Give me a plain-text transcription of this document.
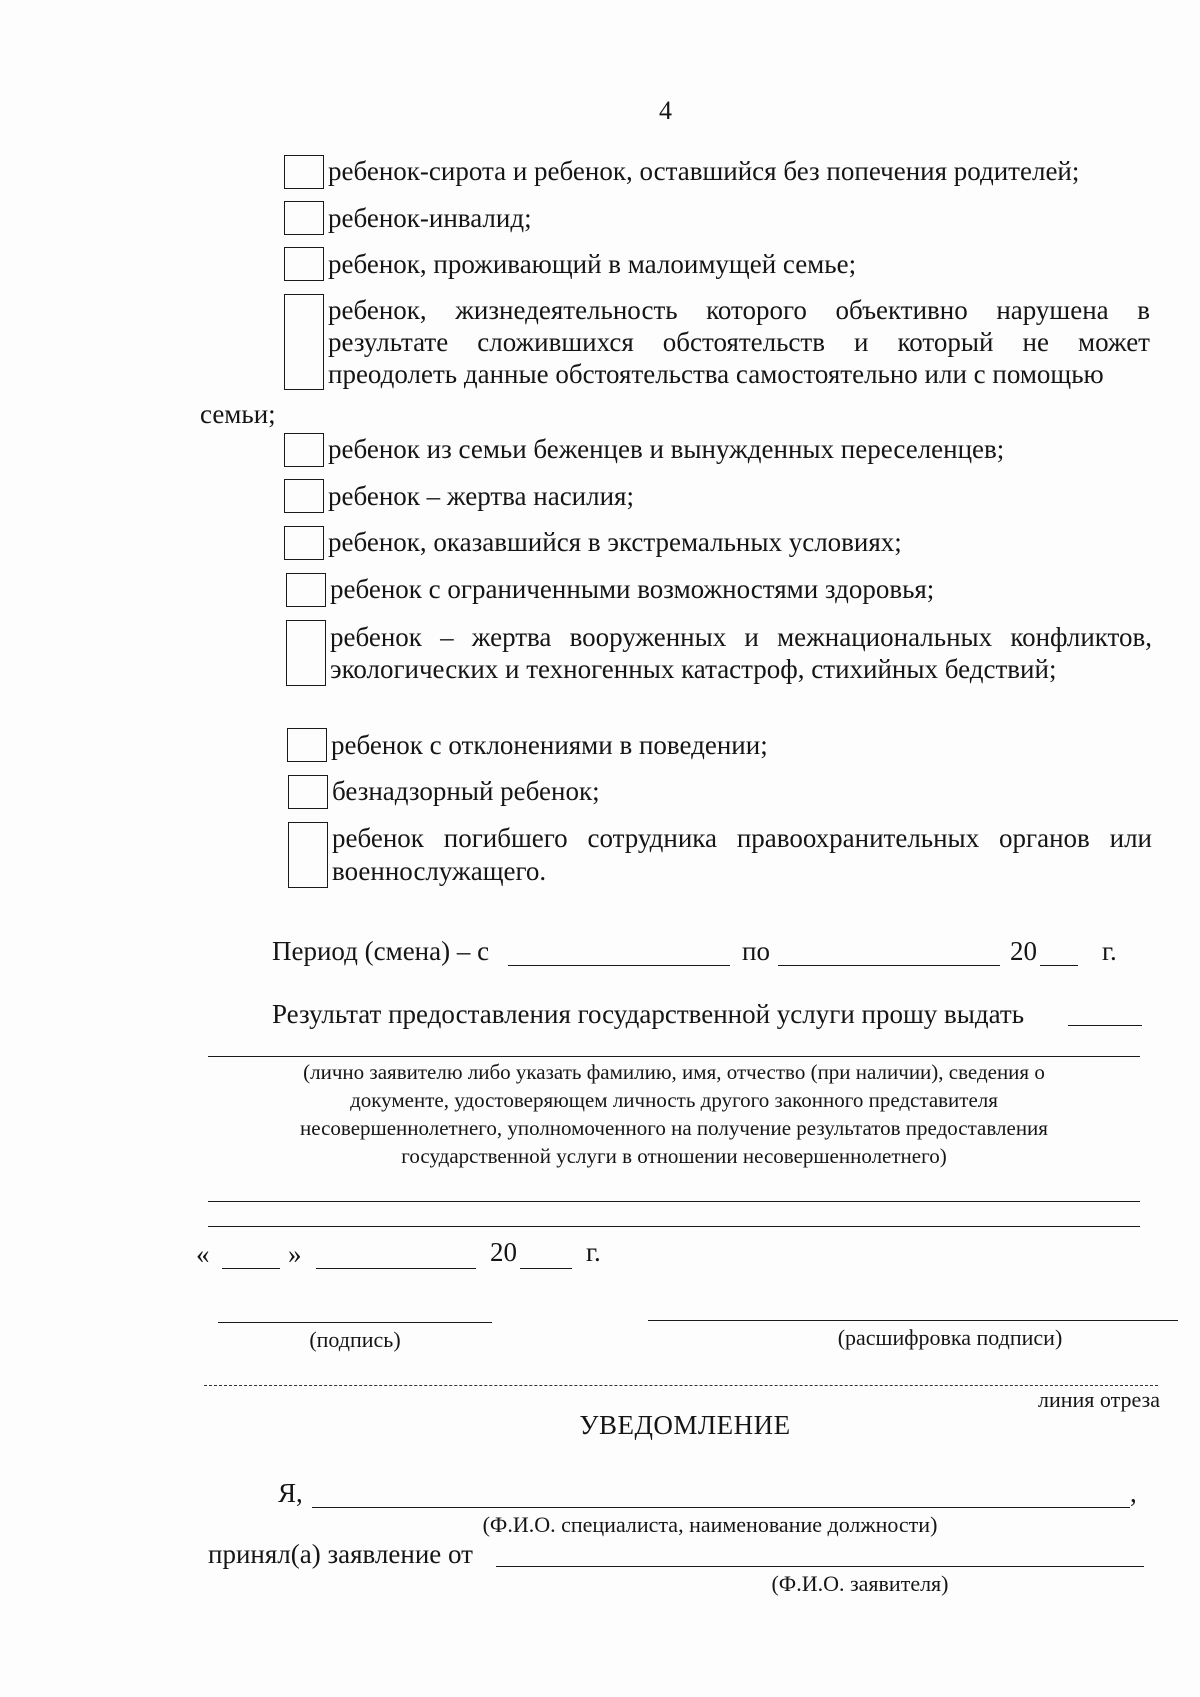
4
ребенок-сирота и ребенок, оставшийся без попечения родителей;
ребенок-инвалид;
ребенок, проживающий в малоимущей семье;
ребенок, жизнедеятельность которого объективно нарушена в
результате сложившихся обстоятельств и который не может
преодолеть данные обстоятельства самостоятельно или с помощью
семьи;
ребенок из семьи беженцев и вынужденных переселенцев;
ребенок – жертва насилия;
ребенок, оказавшийся в экстремальных условиях;
ребенок с ограниченными возможностями здоровья;
ребенок – жертва вооруженных и межнациональных конфликтов,
экологических и техногенных катастроф, стихийных бедствий;
ребенок с отклонениями в поведении;
безнадзорный ребенок;
ребенок погибшего сотрудника правоохранительных органов или
военнослужащего.
Период (смена) – с	по	20 г.
Результат предоставления государственной услуги прошу выдать
(лично заявителю либо указать фамилию, имя, отчество (при наличии), сведения о
документе, удостоверяющем личность другого законного представителя
несовершеннолетнего, уполномоченного на получение результатов предоставления
государственной услуги в отношении несовершеннолетнего)
«	»	20	г.
(подпись)	(расшифровка подписи)
линия отреза
УВЕДОМЛЕНИЕ
Я,	,
(Ф.И.О. специалиста, наименование должности)
принял(а) заявление от
(Ф.И.О. заявителя)
